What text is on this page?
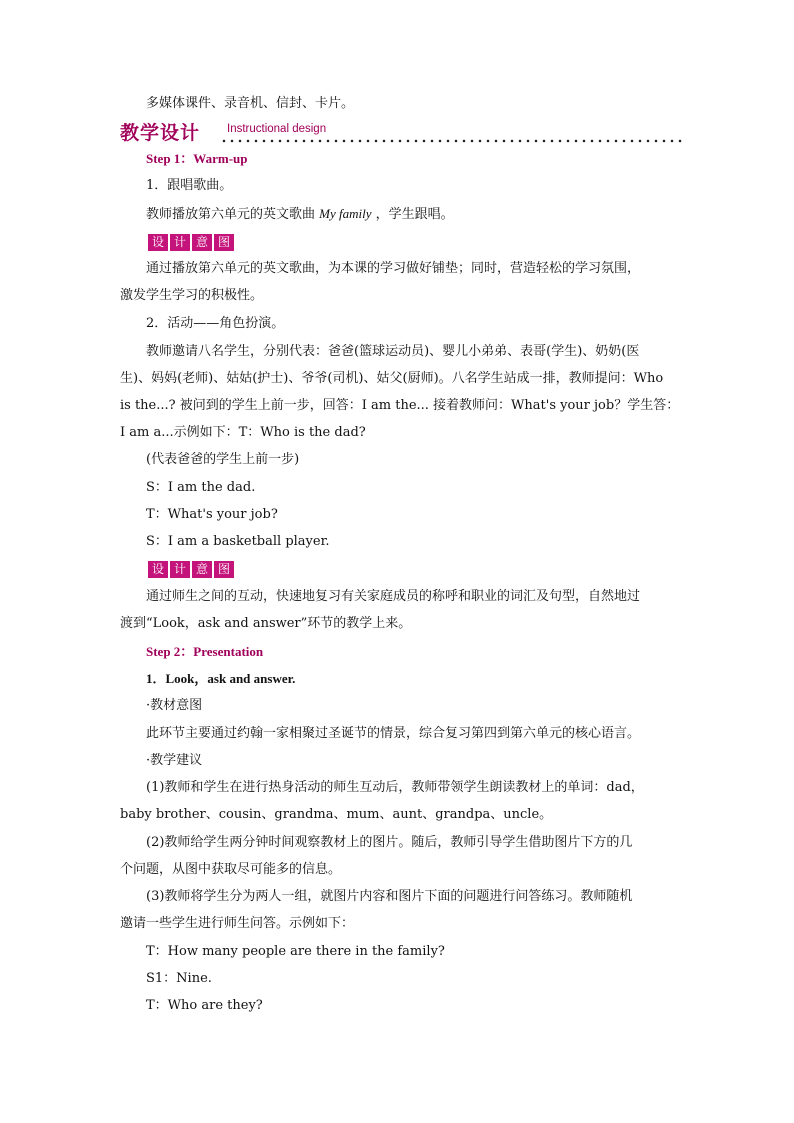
多媒体课件、录音机、信封、卡片。
教学设计 Instructional design
Step 1：Warm-up
1．跟唱歌曲。
教师播放第六单元的英文歌曲 My family ，学生跟唱。
设 计 意 图
通过播放第六单元的英文歌曲，为本课的学习做好铺垫；同时，营造轻松的学习氛围，
激发学生学习的积极性。
2．活动——角色扮演。
教师邀请八名学生，分别代表：爸爸(篮球运动员)、婴儿小弟弟、表哥(学生)、奶奶(医
生)、妈妈(老师)、姑姑(护士)、爷爷(司机)、姑父(厨师)。八名学生站成一排，教师提问：Who
is the...? 被问到的学生上前一步，回答：I am the... 接着教师问：What's your job？学生答：
I am a...示例如下：T：Who is the dad?
(代表爸爸的学生上前一步)
S：I am the dad.
T：What's your job?
S：I am a basketball player.
设 计 意 图
通过师生之间的互动，快速地复习有关家庭成员的称呼和职业的词汇及句型，自然地过
渡到“Look，ask and answer”环节的教学上来。
Step 2：Presentation
1．Look，ask and answer.
·教材意图
此环节主要通过约翰一家相聚过圣诞节的情景，综合复习第四到第六单元的核心语言。
·教学建议
(1)教师和学生在进行热身活动的师生互动后，教师带领学生朗读教材上的单词：dad，
baby brother、cousin、grandma、mum、aunt、grandpa、uncle。
(2)教师给学生两分钟时间观察教材上的图片。随后，教师引导学生借助图片下方的几
个问题，从图中获取尽可能多的信息。
(3)教师将学生分为两人一组，就图片内容和图片下面的问题进行问答练习。教师随机
邀请一些学生进行师生问答。示例如下：
T：How many people are there in the family?
S1：Nine.
T：Who are they?
